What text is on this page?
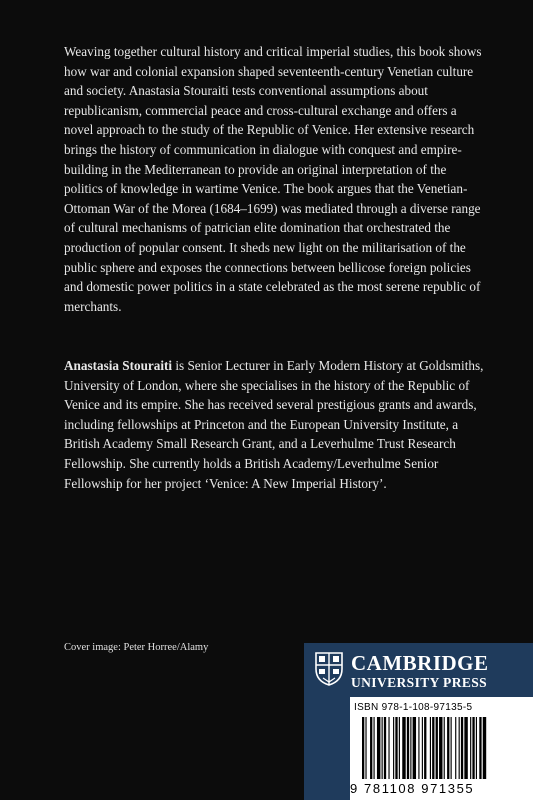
Weaving together cultural history and critical imperial studies, this book shows how war and colonial expansion shaped seventeenth-century Venetian culture and society. Anastasia Stouraiti tests conventional assumptions about republicanism, commercial peace and cross-cultural exchange and offers a novel approach to the study of the Republic of Venice. Her extensive research brings the history of communication in dialogue with conquest and empire-building in the Mediterranean to provide an original interpretation of the politics of knowledge in wartime Venice. The book argues that the Venetian-Ottoman War of the Morea (1684–1699) was mediated through a diverse range of cultural mechanisms of patrician elite domination that orchestrated the production of popular consent. It sheds new light on the militarisation of the public sphere and exposes the connections between bellicose foreign policies and domestic power politics in a state celebrated as the most serene republic of merchants.

Anastasia Stouraiti is Senior Lecturer in Early Modern History at Goldsmiths, University of London, where she specialises in the history of the Republic of Venice and its empire. She has received several prestigious grants and awards, including fellowships at Princeton and the European University Institute, a British Academy Small Research Grant, and a Leverhulme Trust Research Fellowship. She currently holds a British Academy/Leverhulme Senior Fellowship for her project ‘Venice: A New Imperial History’.

Cover image: Peter Horree/Alamy
CAMBRIDGE
UNIVERSITY PRESS
ISBN 978-1-108-97135-5
9 781108 971355
